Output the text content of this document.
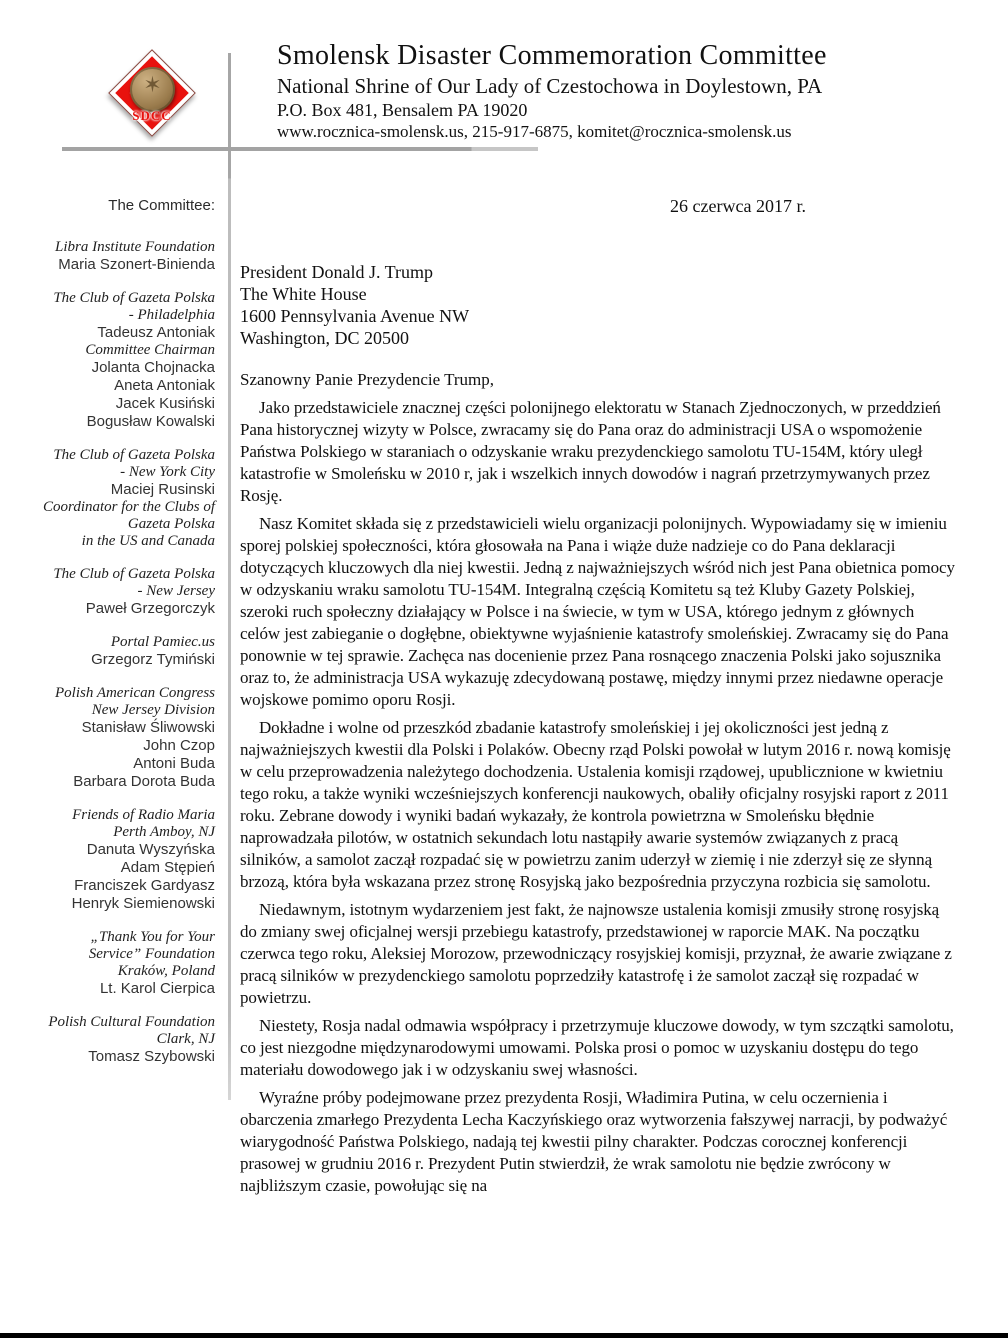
✶
SDCC
Smolensk Disaster Commemoration Committee
National Shrine of Our Lady of Czestochowa in Doylestown, PA
P.O. Box 481, Bensalem PA 19020
www.rocznica-smolensk.us, 215-917-6875, komitet@rocznica-smolensk.us
The Committee:
Libra Institute Foundation
Maria Szonert-Binienda
The Club of Gazeta Polska
- Philadelphia
Tadeusz Antoniak
Committee Chairman
Jolanta Chojnacka
Aneta Antoniak
Jacek Kusiński
Bogusław Kowalski
The Club of Gazeta Polska
- New York City
Maciej Rusinski
Coordinator for the Clubs of
Gazeta Polska
in the US and Canada
The Club of Gazeta Polska
- New Jersey
Paweł Grzegorczyk
Portal Pamiec.us
Grzegorz Tymiński
Polish American Congress
New Jersey Division
Stanisław Śliwowski
John Czop
Antoni Buda
Barbara Dorota Buda
Friends of Radio Maria
Perth Amboy, NJ
Danuta Wyszyńska
Adam Stępień
Franciszek Gardyasz
Henryk Siemienowski
„Thank You for Your
Service” Foundation
Kraków, Poland
Lt. Karol Cierpica
Polish Cultural Foundation
Clark, NJ
Tomasz Szybowski
26 czerwca 2017 r.
President Donald J. Trump
The White House
1600 Pennsylvania Avenue NW
Washington, DC 20500
Szanowny Panie Prezydencie Trump,

Jako przedstawiciele znacznej części polonijnego elektoratu w Stanach Zjednoczonych, w przeddzień Pana historycznej wizyty w Polsce, zwracamy się do Pana oraz do administracji USA o wspomożenie Państwa Polskiego w staraniach o odzyskanie wraku prezydenckiego samolotu TU-154M, który uległ katastrofie w Smoleńsku w 2010 r, jak i wszelkich innych dowodów i nagrań przetrzymywanych przez Rosję.

Nasz Komitet składa się z przedstawicieli wielu organizacji polonijnych. Wypowiadamy się w imieniu sporej polskiej społeczności, która głosowała na Pana i wiąże duże nadzieje co do Pana deklaracji dotyczących kluczowych dla niej kwestii. Jedną z najważniejszych wśród nich jest Pana obietnica pomocy w odzyskaniu wraku samolotu TU-154M. Integralną częścią Komitetu są też Kluby Gazety Polskiej, szeroki ruch społeczny działający w Polsce i na świecie, w tym w USA, którego jednym z głównych celów jest zabieganie o dogłębne, obiektywne wyjaśnienie katastrofy smoleńskiej. Zwracamy się do Pana ponownie w tej sprawie. Zachęca nas docenienie przez Pana rosnącego znaczenia Polski jako sojusznika oraz to, że administracja USA wykazuję zdecydowaną postawę, między innymi przez niedawne operacje wojskowe pomimo oporu Rosji.

Dokładne i wolne od przeszkód zbadanie katastrofy smoleńskiej i jej okoliczności jest jedną z najważniejszych kwestii dla Polski i Polaków. Obecny rząd Polski powołał w lutym 2016 r. nową komisję w celu przeprowadzenia należytego dochodzenia. Ustalenia komisji rządowej, upublicznione w kwietniu tego roku, a także wyniki wcześniejszych konferencji naukowych, obaliły oficjalny rosyjski raport z 2011 roku. Zebrane dowody i wyniki badań wykazały, że kontrola powietrzna w Smoleńsku błędnie naprowadzała pilotów, w ostatnich sekundach lotu nastąpiły awarie systemów związanych z pracą silników, a samolot zaczął rozpadać się w powietrzu zanim uderzył w ziemię i nie zderzył się ze słynną brzozą, która była wskazana przez stronę Rosyjską jako bezpośrednia przyczyna rozbicia się samolotu.

Niedawnym, istotnym wydarzeniem jest fakt, że najnowsze ustalenia komisji zmusiły stronę rosyjską do zmiany swej oficjalnej wersji przebiegu katastrofy, przedstawionej w raporcie MAK. Na początku czerwca tego roku, Aleksiej Morozow, przewodniczący rosyjskiej komisji, przyznał, że awarie związane z pracą silników w prezydenckiego samolotu poprzedziły katastrofę i że samolot zaczął się rozpadać w powietrzu.

Niestety, Rosja nadal odmawia współpracy i przetrzymuje kluczowe dowody, w tym szczątki samolotu, co jest niezgodne międzynarodowymi umowami. Polska prosi o pomoc w uzyskaniu dostępu do tego materiału dowodowego jak i w odzyskaniu swej własności.

Wyraźne próby podejmowane przez prezydenta Rosji, Władimira Putina, w celu oczernienia i obarczenia zmarłego Prezydenta Lecha Kaczyńskiego oraz wytworzenia fałszywej narracji, by podważyć wiarygodność Państwa Polskiego, nadają tej kwestii pilny charakter. Podczas corocznej konferencji prasowej w grudniu 2016 r. Prezydent Putin stwierdził, że wrak samolotu nie będzie zwrócony w najbliższym czasie, powołując się na
